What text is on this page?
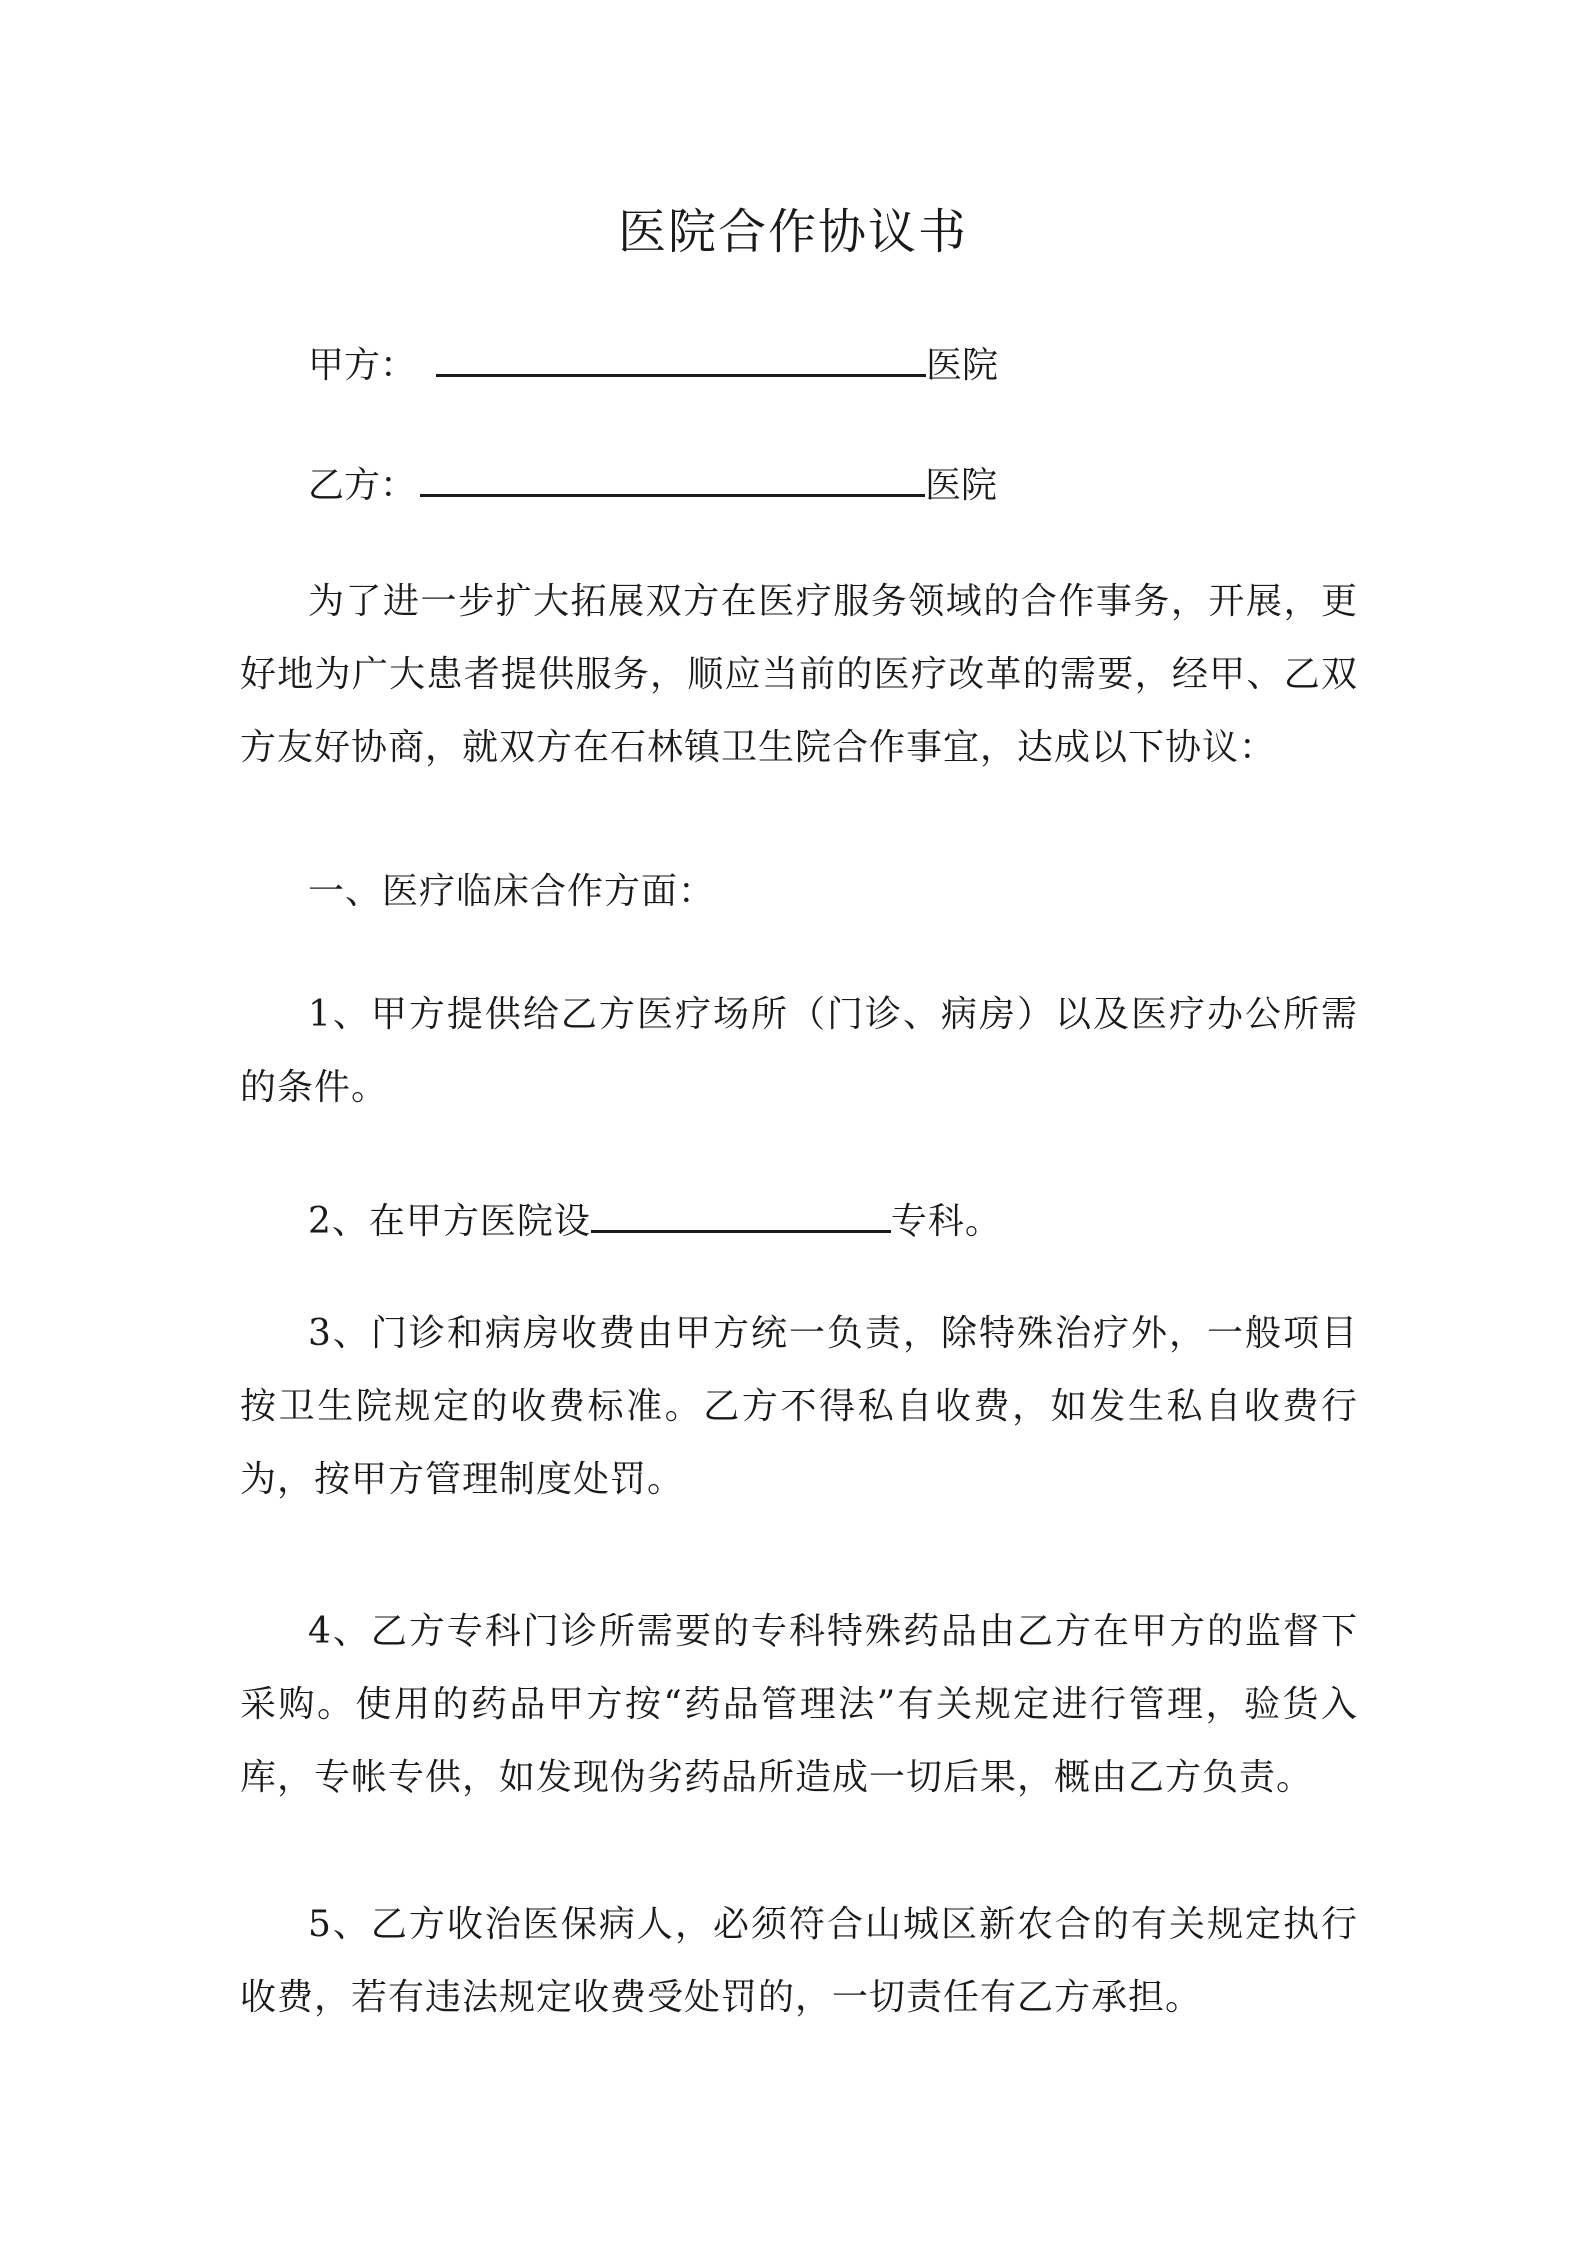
医院合作协议书
甲方：	医院
乙方：	医院
为了进一步扩大拓展双方在医疗服务领域的合作事务，开展，更好地为广大患者提供服务，顺应当前的医疗改革的需要，经甲、乙双方友好协商，就双方在石林镇卫生院合作事宜，达成以下协议：
一、医疗临床合作方面：
1、甲方提供给乙方医疗场所（门诊、病房）以及医疗办公所需的条件。
2、在甲方医院设	专科。
3、门诊和病房收费由甲方统一负责，除特殊治疗外，一般项目按卫生院规定的收费标准。乙方不得私自收费，如发生私自收费行为，按甲方管理制度处罚。
4、乙方专科门诊所需要的专科特殊药品由乙方在甲方的监督下采购。使用的药品甲方按“药品管理法”有关规定进行管理，验货入库，专帐专供，如发现伪劣药品所造成一切后果，概由乙方负责。
5、乙方收治医保病人，必须符合山城区新农合的有关规定执行收费，若有违法规定收费受处罚的，一切责任有乙方承担。
